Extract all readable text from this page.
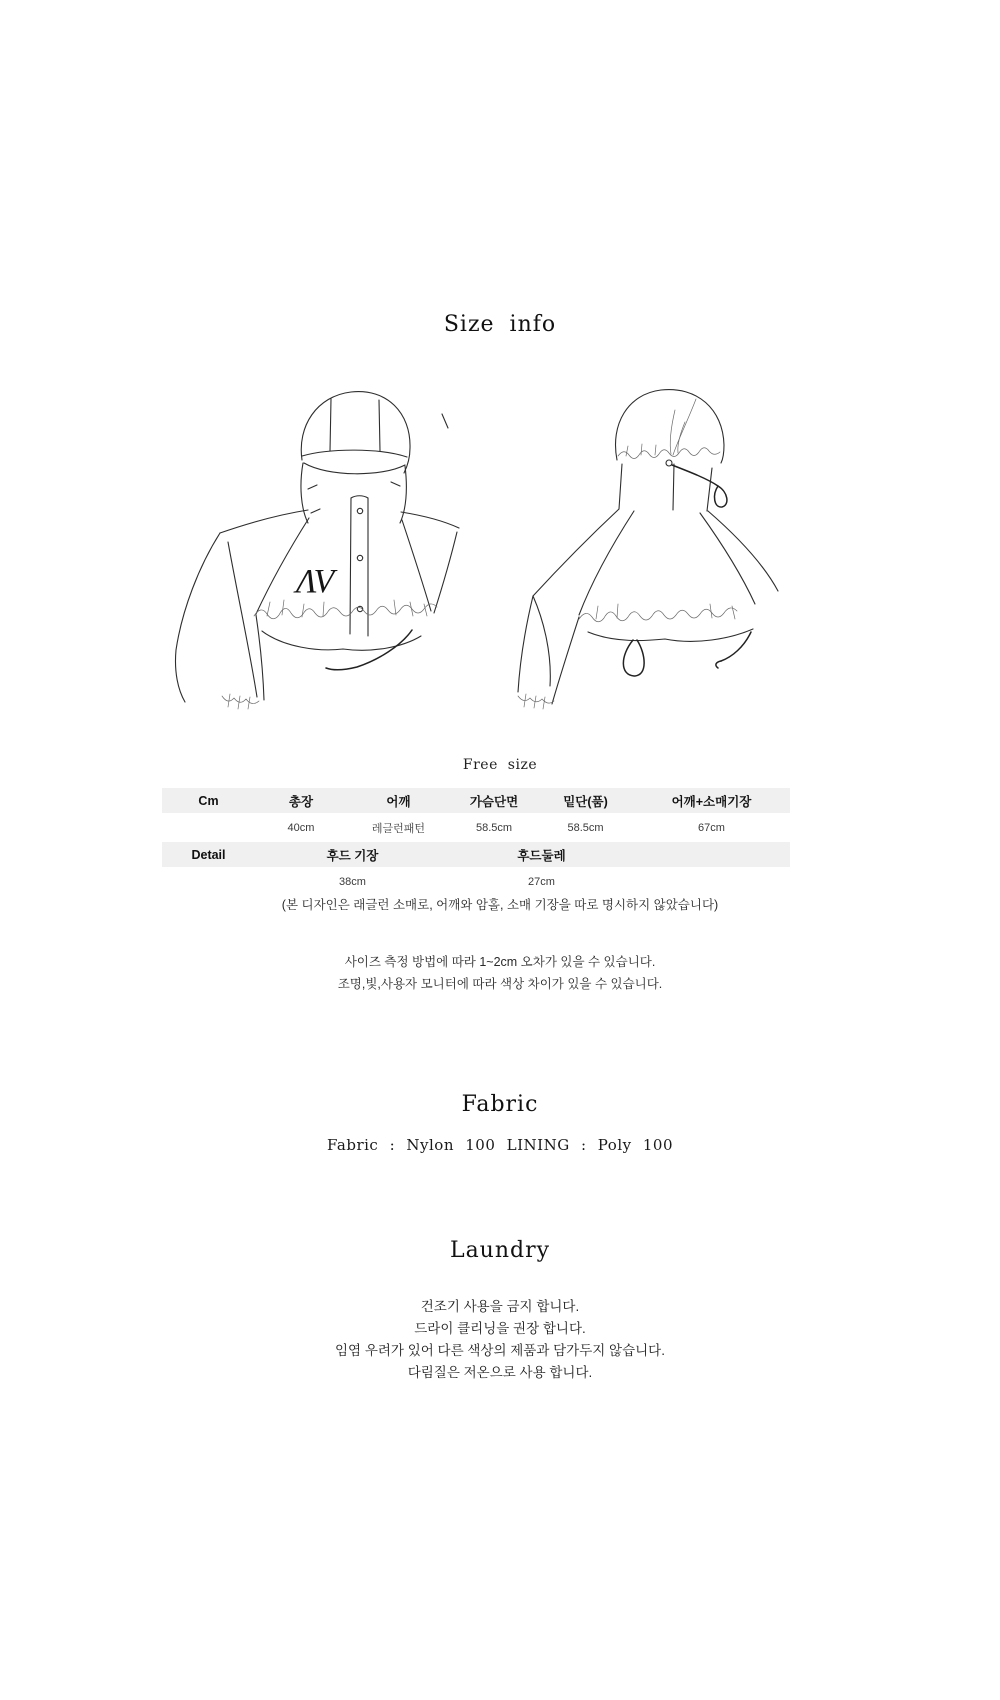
Size info
ΛV
Free size
Cm	총장	어깨	가슴단면	밑단(품)	어깨+소매기장
	40cm	레글런패턴	58.5cm	58.5cm	67cm
Detail	후드 기장		후드둘레		
	38cm		27cm		
(본 디자인은 래글런 소매로, 어깨와 암홀, 소매 기장을 따로 명시하지 않았습니다)
사이즈 측정 방법에 따라 1~2cm 오차가 있을 수 있습니다.
조명,빛,사용자 모니터에 따라 색상 차이가 있을 수 있습니다.
Fabric
Fabric : Nylon 100 LINING : Poly 100
Laundry
건조기 사용을 금지 합니다.
드라이 클리닝을 권장 합니다.
임염 우려가 있어 다른 색상의 제품과 담가두지 않습니다.
다림질은 저온으로 사용 합니다.
